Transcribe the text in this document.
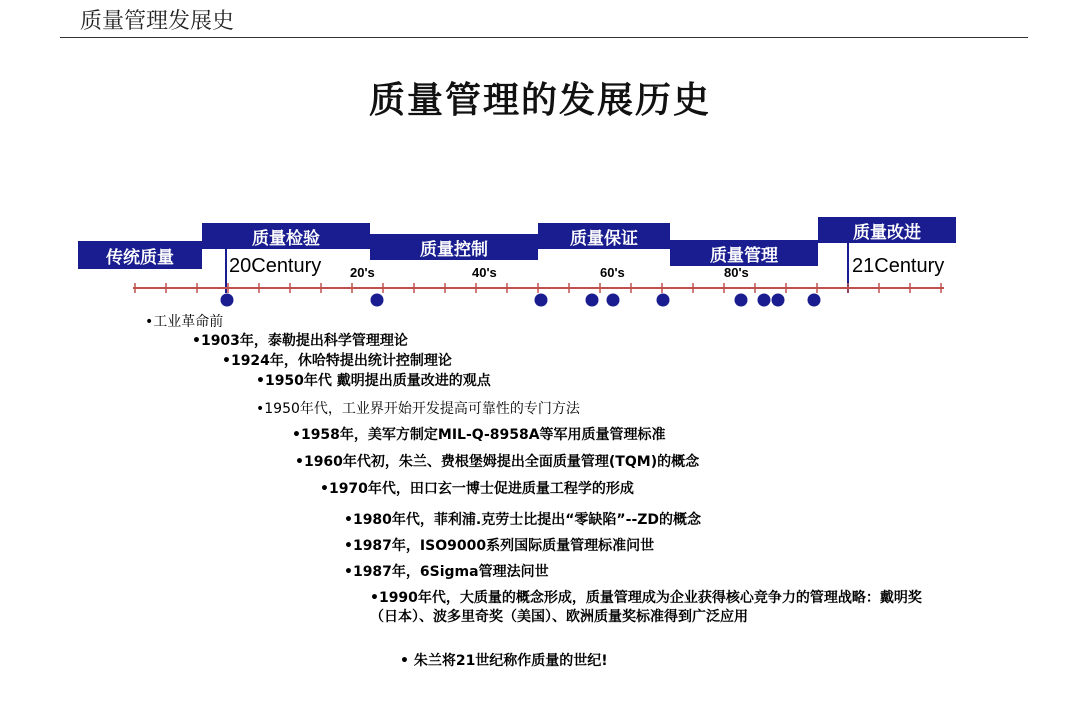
质量管理发展史
质量管理的发展历史
传统质量
质量检验
质量控制
质量保证
质量管理
质量改进
20Century	21Century
20's	40's	60's	80's
•工业革命前
•1903年，泰勒提出科学管理理论
•1924年，休哈特提出统计控制理论
•1950年代 戴明提出质量改进的观点
•1950年代，工业界开始开发提高可靠性的专门方法
•1958年，美军方制定MIL-Q-8958A等军用质量管理标准
•1960年代初，朱兰、费根堡姆提出全面质量管理(TQM)的概念
•1970年代，田口玄一博士促进质量工程学的形成
•1980年代，菲利浦.克劳士比提出“零缺陷”--ZD的概念
•1987年，ISO9000系列国际质量管理标准问世
•1987年，6Sigma管理法问世
•1990年代，大质量的概念形成，质量管理成为企业获得核心竞争力的管理战略：戴明奖（日本）、波多里奇奖（美国）、欧洲质量奖标准得到广泛应用
• 朱兰将21世纪称作质量的世纪!
